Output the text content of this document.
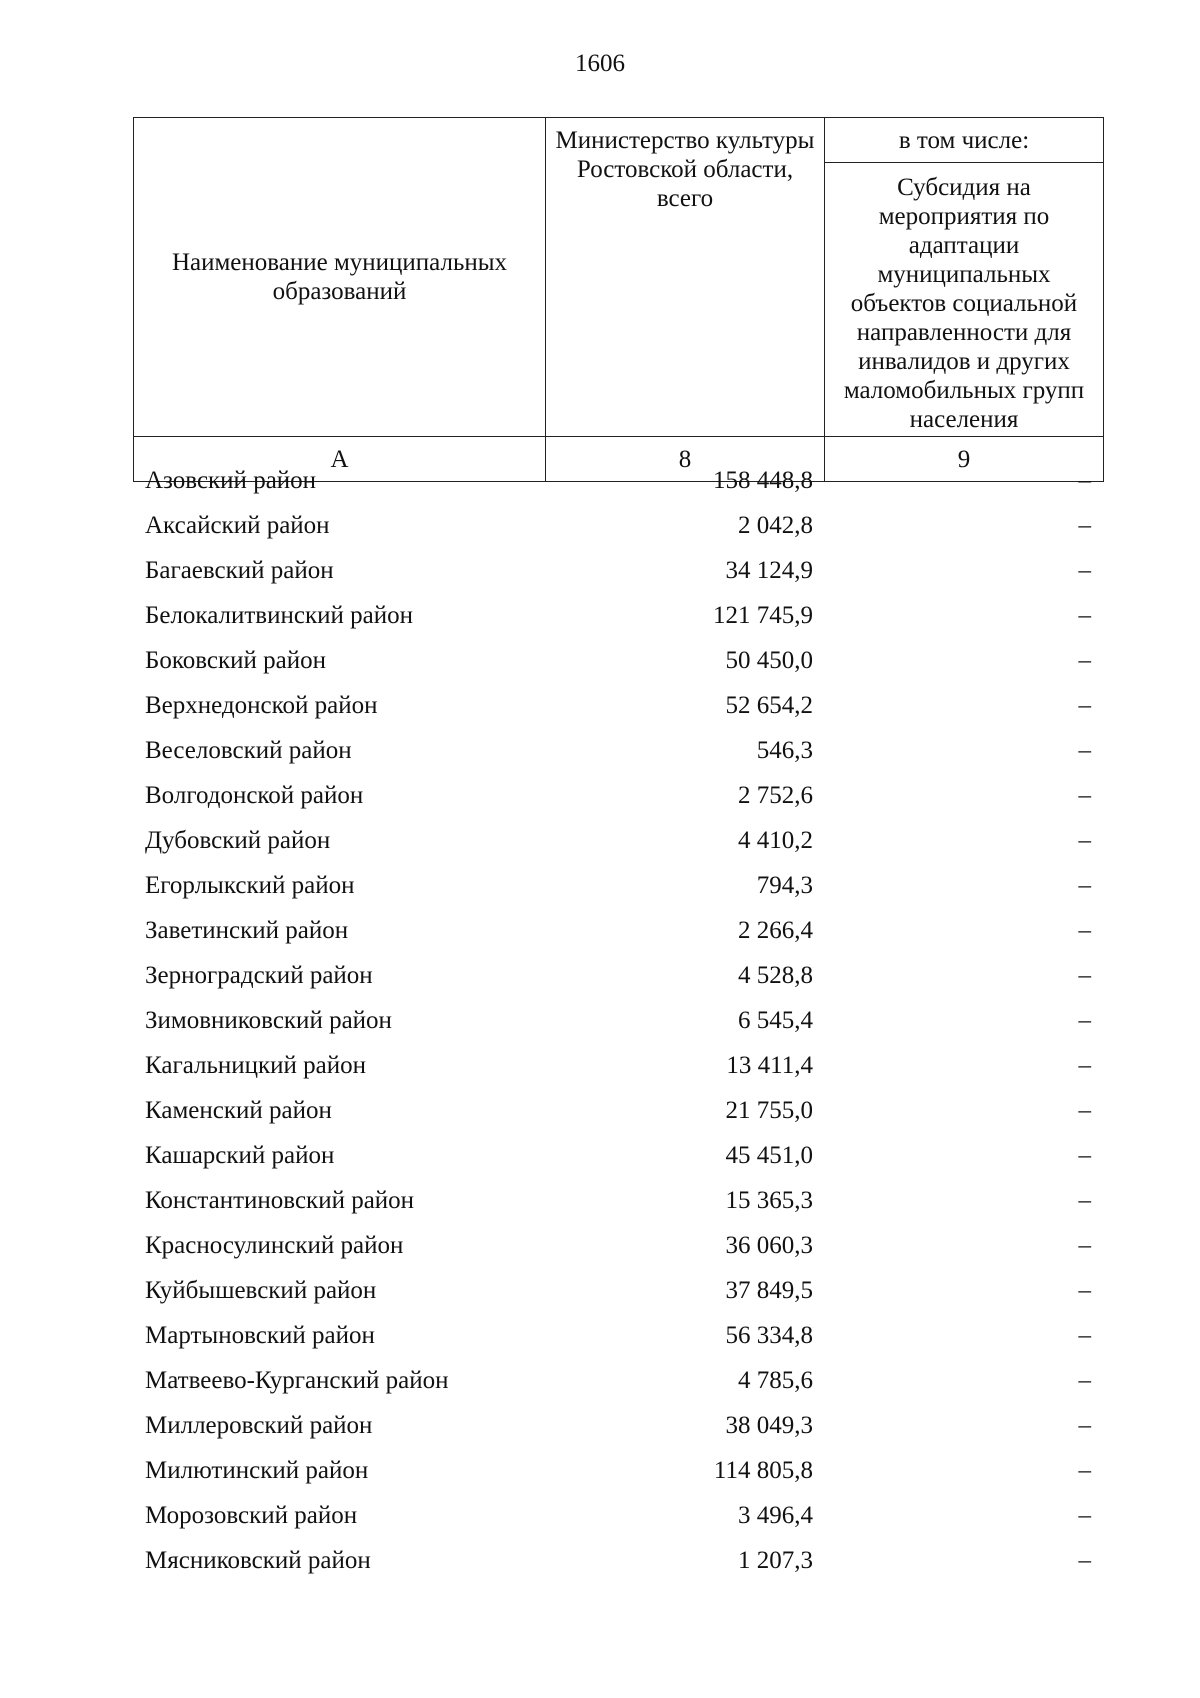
1606
Наименование муниципальных образований	Министерство культуры Ростовской области, всего	в том числе:
		Субсидия на мероприятия по адаптации муниципальных объектов социальной направленности для инвалидов и других маломобильных групп населения
А	8	9
Азовский район	158 448,8	–
Аксайский район	2 042,8	–
Багаевский район	34 124,9	–
Белокалитвинский район	121 745,9	–
Боковский район	50 450,0	–
Верхнедонской район	52 654,2	–
Веселовский район	546,3	–
Волгодонской район	2 752,6	–
Дубовский район	4 410,2	–
Егорлыкский район	794,3	–
Заветинский район	2 266,4	–
Зерноградский район	4 528,8	–
Зимовниковский район	6 545,4	–
Кагальницкий район	13 411,4	–
Каменский район	21 755,0	–
Кашарский район	45 451,0	–
Константиновский район	15 365,3	–
Красносулинский район	36 060,3	–
Куйбышевский район	37 849,5	–
Мартыновский район	56 334,8	–
Матвеево-Курганский район	4 785,6	–
Миллеровский район	38 049,3	–
Милютинский район	114 805,8	–
Морозовский район	3 496,4	–
Мясниковский район	1 207,3	–
